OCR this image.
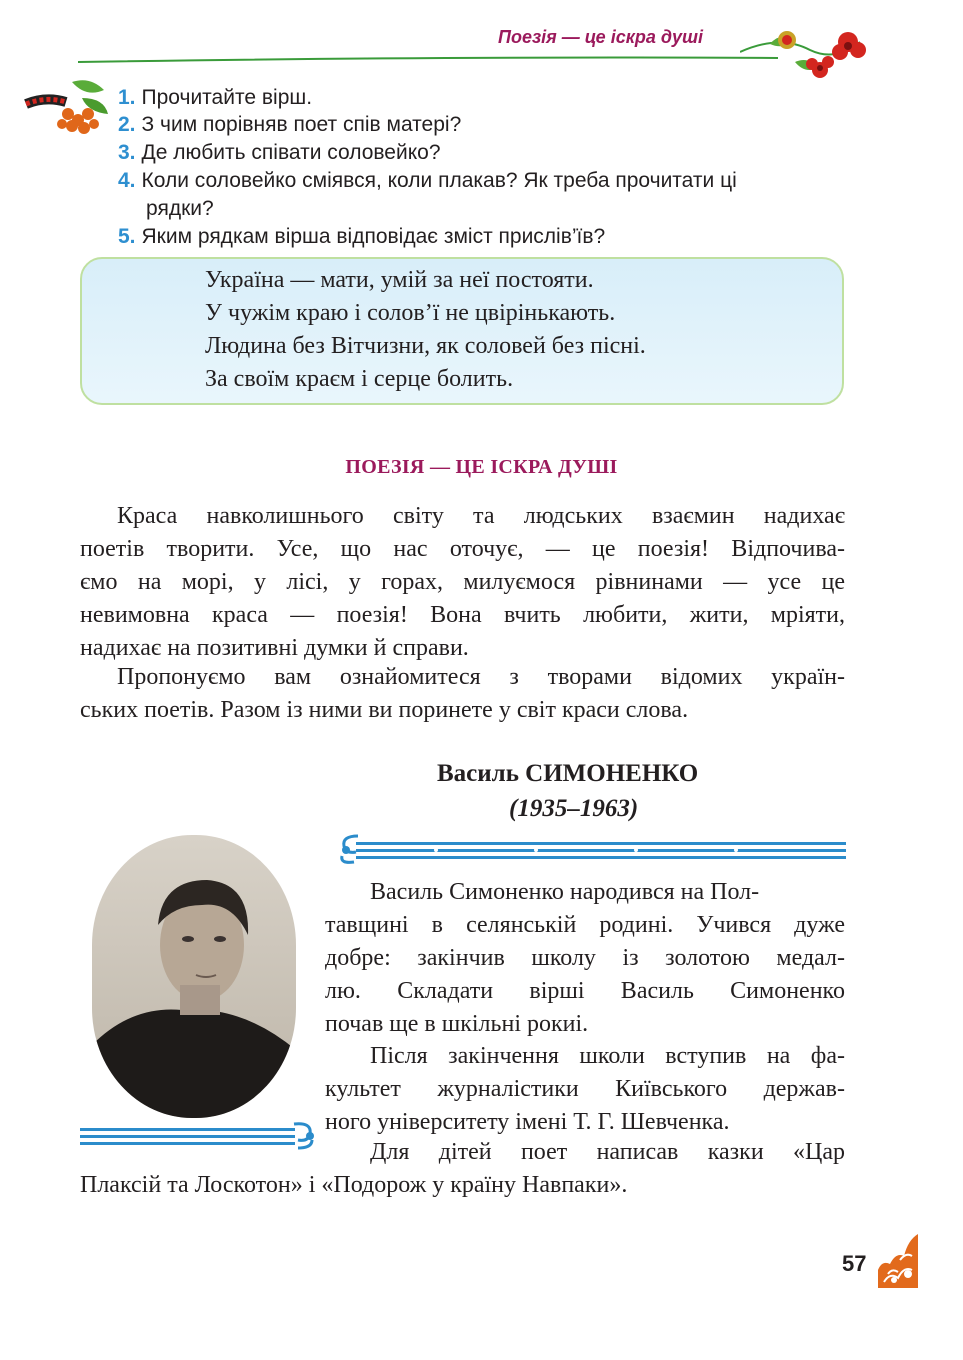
Поезія — це іскра душі
1. Прочитайте вірш.
2. З чим порівняв поет спів матері?
3. Де любить співати соловейко?
4. Коли соловейко сміявся, коли плакав? Як треба прочитати ці
рядки?
5. Яким рядкам вірша відповідає зміст прислів’їв?
Україна — мати, умій за неї постояти.
У чужім краю і солов’ї не цвірінькають.
Людина без Вітчизни, як соловей без пісні.
За своїм краєм і серце болить.
ПОЕЗІЯ — ЦЕ ІСКРА ДУШІ
Краса навколишнього світу та людських взаємин надихає
поетів творити. Усе, що нас оточує, — це поезія! Відпочива-
ємо на морі, у лісі, у горах, милуємося рівнинами — усе це
невимовна краса — поезія! Вона вчить любити, жити, мріяти,
надихає на позитивні думки й справи.
Пропонуємо вам ознайомитеся з творами відомих україн-
ських поетів. Разом із ними ви поринете у світ краси слова.
Василь СИМОНЕНКО
(1935–1963)
Василь Симоненко народився на Пол-
тавщині в селянській родині. Учився дуже
добре: закінчив школу із золотою медал-
лю. Складати вірші Василь Симоненко
почав ще в шкільні рокиі.
Після закінчення школи вступив на фа-
культет журналістики Київського держав-
ного університету імені Т. Г. Шевченка.
Для дітей поет написав казки «Цар
Плаксій та Лоскотон» і «Подорож у країну Навпаки».
57
